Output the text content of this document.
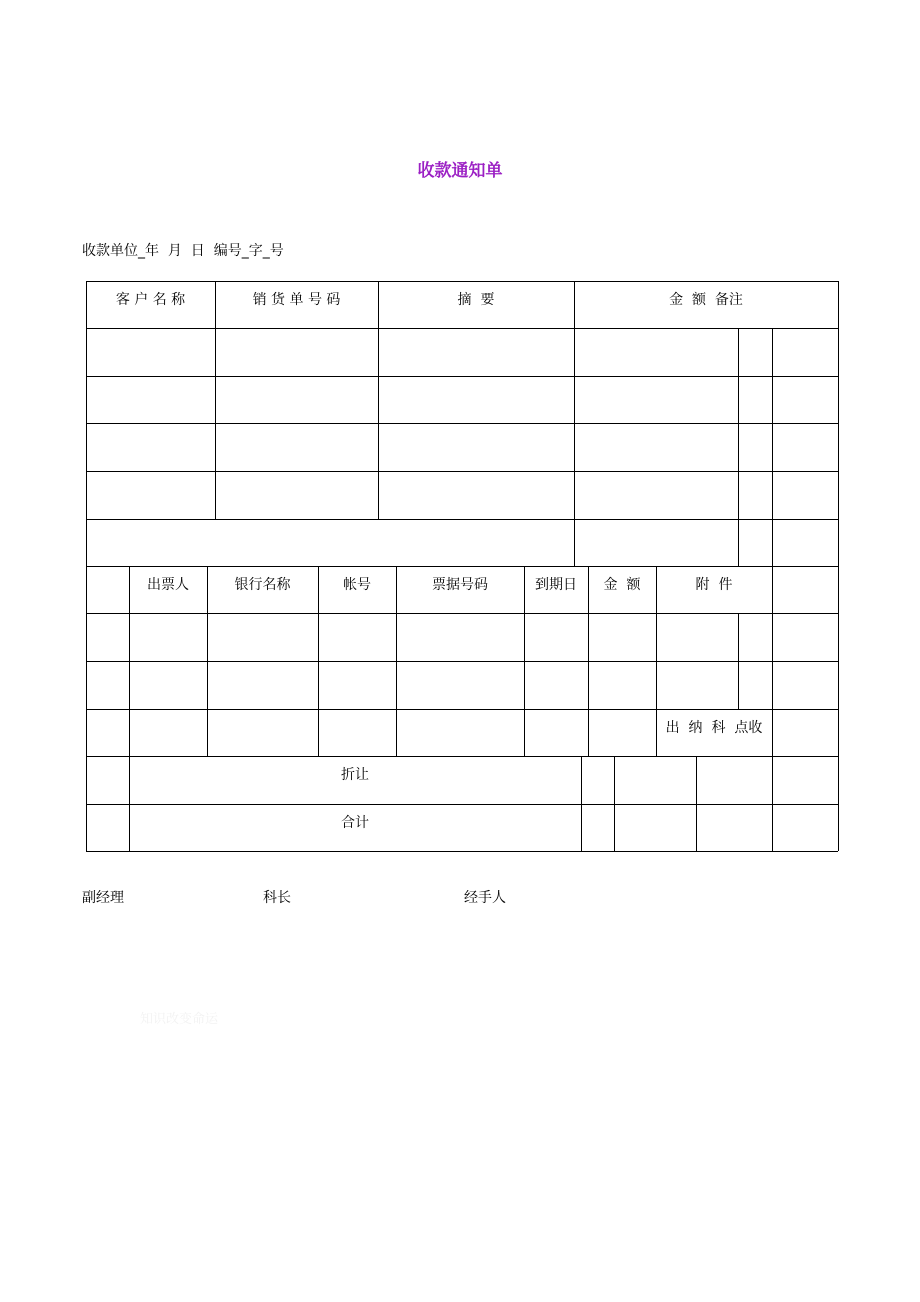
收款通知单
收款单位_年  月  日  编号_字_号
客 户 名 称	销 货 单 号 码	摘  要	金  额  备注
出票人	银行名称	帐号	票据号码	到期日	金  额	附  件
出  纳  科  点收
折让
合计
副经理	科长	经手人
知识改变命运
